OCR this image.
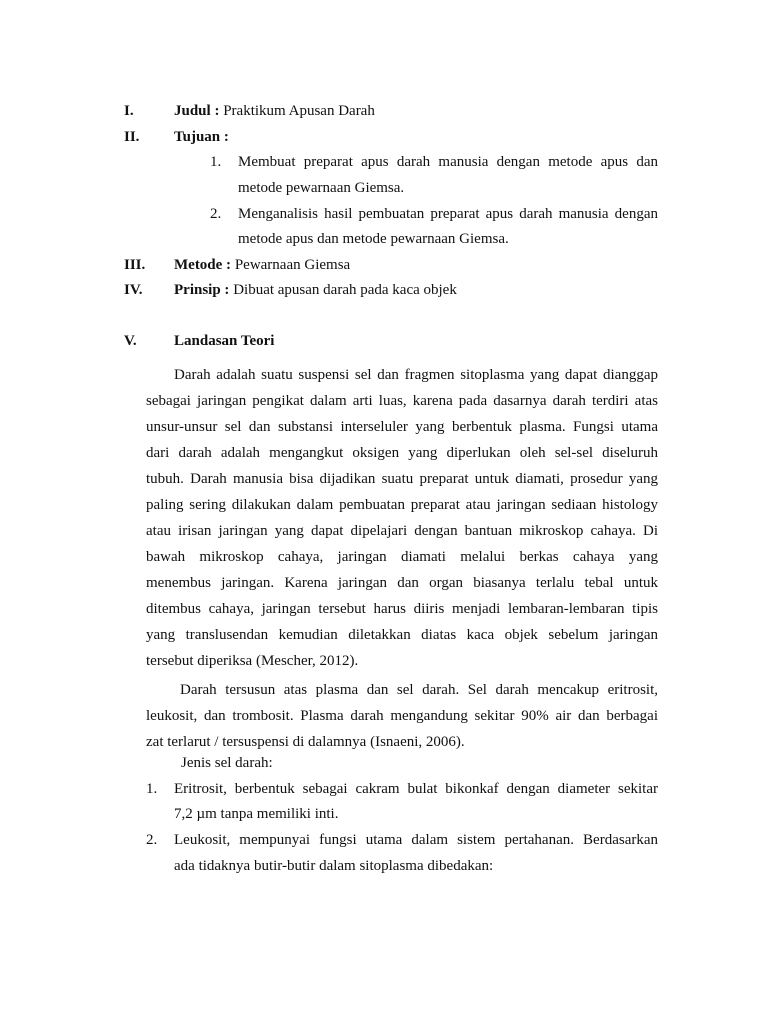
I.	Judul : Praktikum Apusan Darah
II. Tujuan :
1. Membuat preparat apus darah manusia dengan metode apus dan
metode pewarnaan Giemsa.
2. Menganalisis hasil pembuatan preparat apus darah manusia dengan
metode apus dan metode pewarnaan Giemsa.
III. Metode : Pewarnaan Giemsa
IV. Prinsip : Dibuat apusan darah pada kaca objek
V. Landasan Teori
Darah adalah suatu suspensi sel dan fragmen sitoplasma yang dapat dianggap
sebagai jaringan pengikat dalam arti luas, karena pada dasarnya darah terdiri atas
unsur-unsur sel dan substansi interseluler yang berbentuk plasma. Fungsi utama
dari darah adalah mengangkut oksigen yang diperlukan oleh sel-sel diseluruh
tubuh. Darah manusia bisa dijadikan suatu preparat untuk diamati, prosedur yang
paling sering dilakukan dalam pembuatan preparat atau jaringan sediaan histology
atau irisan jaringan yang dapat dipelajari dengan bantuan mikroskop cahaya. Di
bawah mikroskop cahaya, jaringan diamati melalui berkas cahaya yang
menembus jaringan. Karena jaringan dan organ biasanya terlalu tebal untuk
ditembus cahaya, jaringan tersebut harus diiris menjadi lembaran-lembaran tipis
yang translusendan kemudian diletakkan diatas kaca objek sebelum jaringan
tersebut diperiksa (Mescher, 2012).
Darah tersusun atas plasma dan sel darah. Sel darah mencakup eritrosit,
leukosit, dan trombosit. Plasma darah mengandung sekitar 90% air dan berbagai
zat terlarut / tersuspensi di dalamnya (Isnaeni, 2006).
Jenis sel darah:
1. Eritrosit, berbentuk sebagai cakram bulat bikonkaf dengan diameter sekitar
7,2 µm tanpa memiliki inti.
2. Leukosit, mempunyai fungsi utama dalam sistem pertahanan. Berdasarkan
ada tidaknya butir-butir dalam sitoplasma dibedakan:
